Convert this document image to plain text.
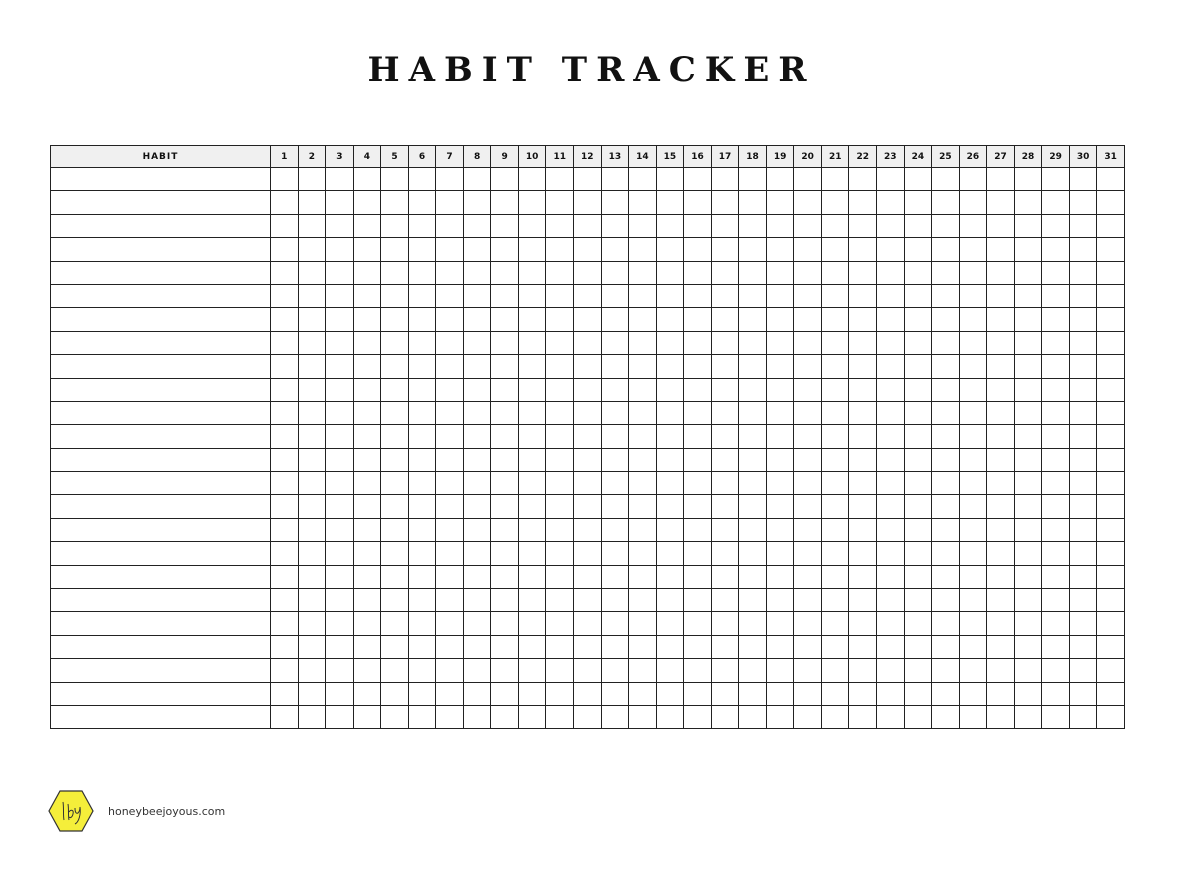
HABIT TRACKER
HABIT	1	2	3	4	5	6	7	8	9	10	11	12	13	14	15	16	17	18	19	20	21	22	23	24	25	26	27	28	29	30	31

honeybeejoyous.com
